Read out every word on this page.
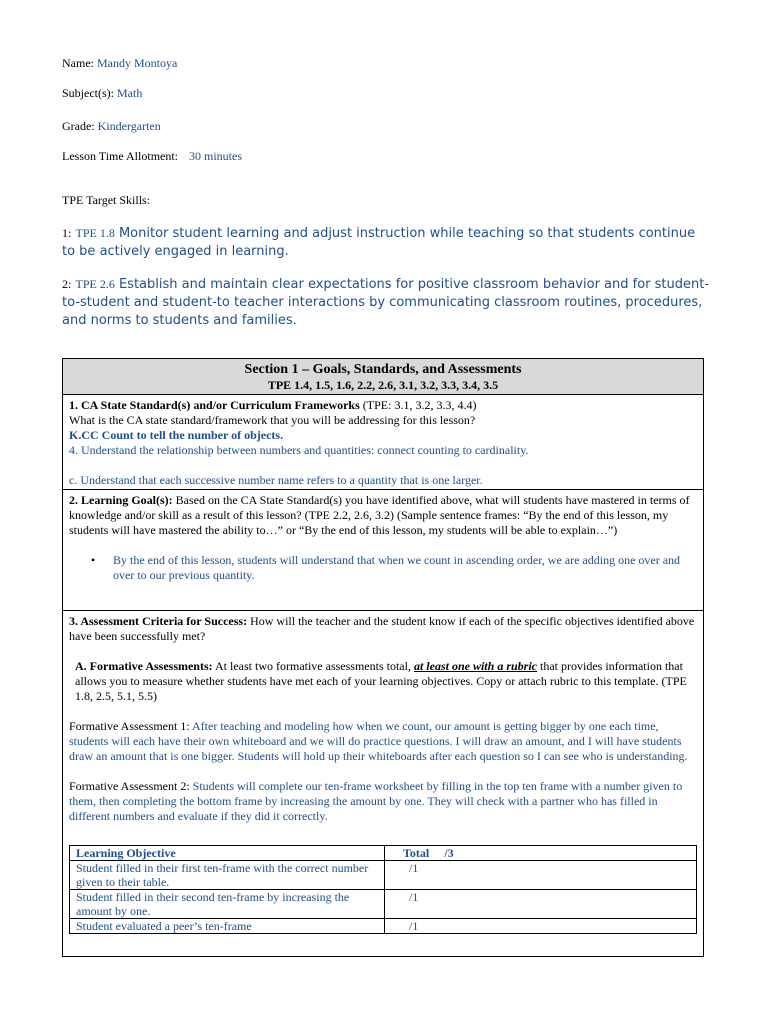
Name: Mandy Montoya
Subject(s): Math
Grade: Kindergarten
Lesson Time Allotment: 30 minutes
TPE Target Skills:
1: TPE 1.8 Monitor student learning and adjust instruction while teaching so that students continue to be actively engaged in learning.
2: TPE 2.6 Establish and maintain clear expectations for positive classroom behavior and for student-to-student and student-to teacher interactions by communicating classroom routines, procedures, and norms to students and families.
Section 1 – Goals, Standards, and Assessments
TPE 1.4, 1.5, 1.6, 2.2, 2.6, 3.1, 3.2, 3.3, 3.4, 3.5
1. CA State Standard(s) and/or Curriculum Frameworks (TPE: 3.1, 3.2, 3.3, 4.4)
What is the CA state standard/framework that you will be addressing for this lesson?
K.CC Count to tell the number of objects.
4. Understand the relationship between numbers and quantities: connect counting to cardinality.
c. Understand that each successive number name refers to a quantity that is one larger.
2. Learning Goal(s): Based on the CA State Standard(s) you have identified above, what will students have mastered in terms of knowledge and/or skill as a result of this lesson? (TPE 2.2, 2.6, 3.2) (Sample sentence frames: “By the end of this lesson, my students will have mastered the ability to…” or “By the end of this lesson, my students will be able to explain…”)
• By the end of this lesson, students will understand that when we count in ascending order, we are adding one over and over to our previous quantity.
3. Assessment Criteria for Success: How will the teacher and the student know if each of the specific objectives identified above have been successfully met?
A. Formative Assessments: At least two formative assessments total, at least one with a rubric that provides information that allows you to measure whether students have met each of your learning objectives. Copy or attach rubric to this template. (TPE 1.8, 2.5, 5.1, 5.5)
Formative Assessment 1: After teaching and modeling how when we count, our amount is getting bigger by one each time, students will each have their own whiteboard and we will do practice questions. I will draw an amount, and I will have students draw an amount that is one bigger. Students will hold up their whiteboards after each question so I can see who is understanding.
Formative Assessment 2: Students will complete our ten-frame worksheet by filling in the top ten frame with a number given to them, then completing the bottom frame by increasing the amount by one. They will check with a partner who has filled in different numbers and evaluate if they did it correctly.
Learning Objective	Total     /3
Student filled in their first ten-frame with the correct number given to their table.	/1
Student filled in their second ten-frame by increasing the amount by one.	/1
Student evaluated a peer’s ten-frame	/1
